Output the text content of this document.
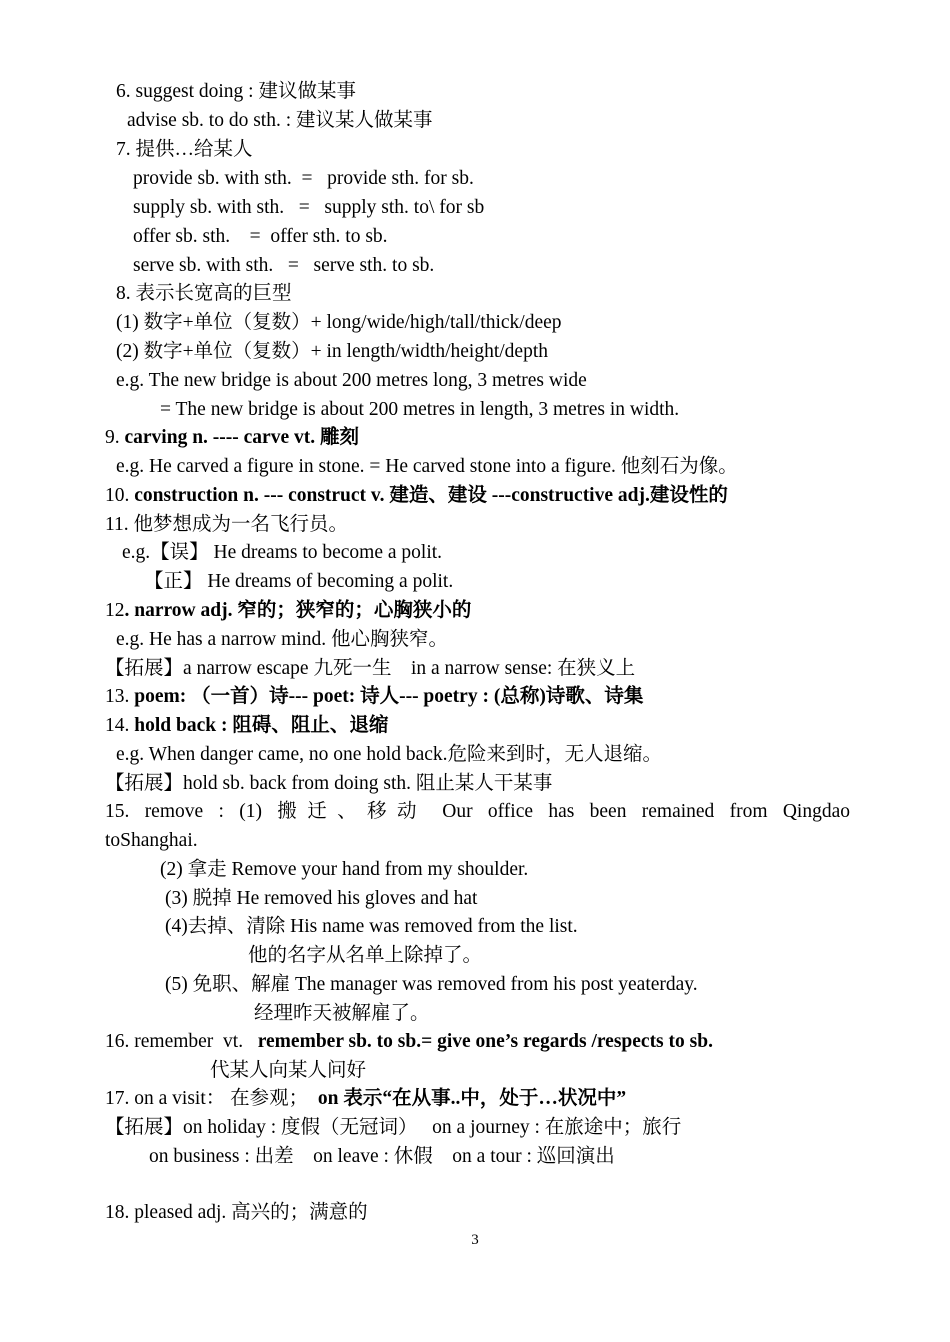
6. suggest doing : 建议做某事
advise sb. to do sth. : 建议某人做某事
7. 提供…给某人
provide sb. with sth.  =   provide sth. for sb.
supply sb. with sth.   =   supply sth. to\ for sb
offer sb. sth.    =  offer sth. to sb.
serve sb. with sth.   =   serve sth. to sb.
8. 表示长宽高的巨型
(1) 数字+单位（复数）+ long/wide/high/tall/thick/deep
(2) 数字+单位（复数）+ in length/width/height/depth
e.g. The new bridge is about 200 metres long, 3 metres wide
= The new bridge is about 200 metres in length, 3 metres in width.
9. carving n. ---- carve vt. 雕刻
e.g. He carved a figure in stone. = He carved stone into a figure. 他刻石为像。
10. construction n. --- construct v. 建造、建设 ---constructive adj.建设性的
11. 他梦想成为一名飞行员。
e.g.【误】 He dreams to become a polit.
【正】 He dreams of becoming a polit.
12. narrow adj. 窄的；狭窄的；心胸狭小的
e.g. He has a narrow mind. 他心胸狭窄。
【拓展】a narrow escape 九死一生    in a narrow sense: 在狭义上
13. poem: （一首）诗--- poet: 诗人--- poetry : (总称)诗歌、诗集
14. hold back : 阻碍、阻止、退缩
e.g. When danger came, no one hold back.危险来到时，无人退缩。
【拓展】hold sb. back from doing sth. 阻止某人干某事
15. remove : (1) 搬迁、移动 Our office has been remained from Qingdao
toShanghai.
(2) 拿走 Remove your hand from my shoulder.
(3) 脱掉 He removed his gloves and hat
(4)去掉、清除 His name was removed from the list.
他的名字从名单上除掉了。
(5) 免职、解雇 The manager was removed from his post yeaterday.
经理昨天被解雇了。
16. remember  vt.   remember sb. to sb.= give one’s regards /respects to sb.
代某人向某人问好
17. on a visit： 在参观；  on 表示“在从事..中，处于…状况中”
【拓展】on holiday : 度假（无冠词）   on a journey : 在旅途中；旅行
on business : 出差    on leave : 休假    on a tour : 巡回演出
18. pleased adj. 高兴的；满意的
3
